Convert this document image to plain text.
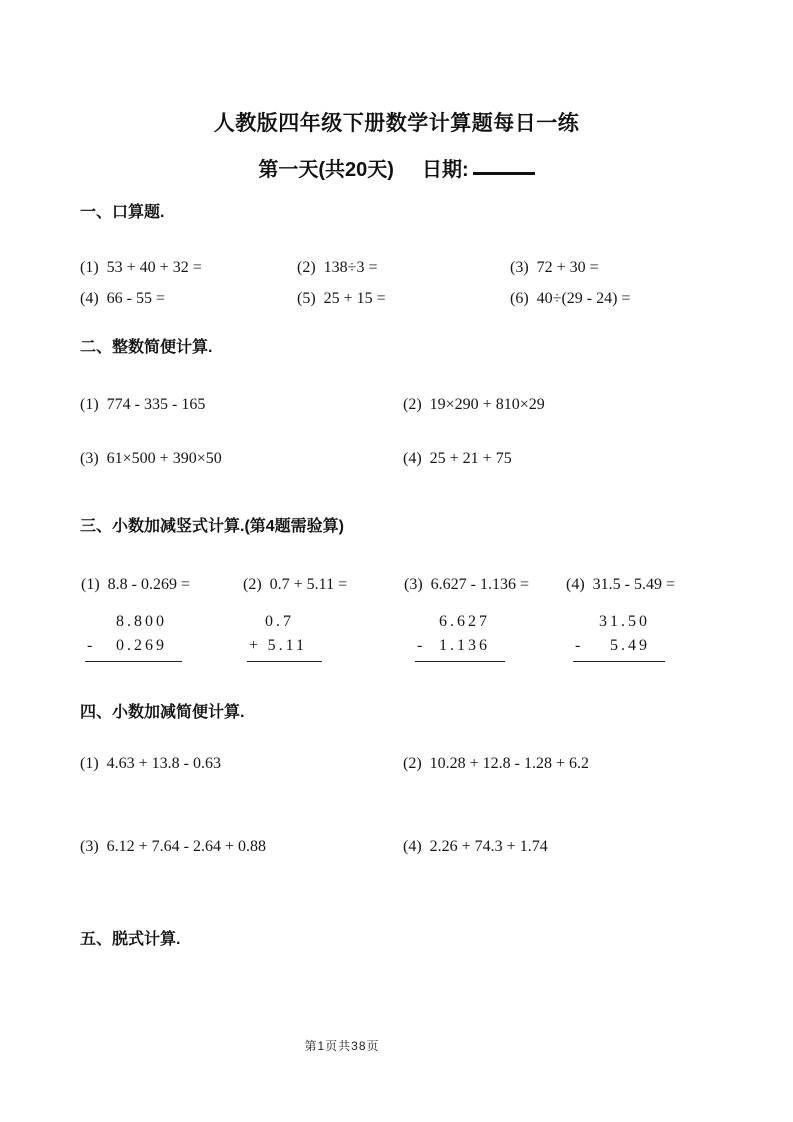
人教版四年级下册数学计算题每日一练
第一天(共20天) 日期:
一、口算题.
(1) 53 + 40 + 32 =	(2) 138÷3 =	(3) 72 + 30 =
(4) 66 - 55 =	(5) 25 + 15 =	(6) 40÷(29 - 24) =
二、整数简便计算.
(1) 774 - 335 - 165	(2) 19×290 + 810×29
(3) 61×500 + 390×50	(4) 25 + 21 + 75
三、小数加减竖式计算.(第4题需验算)
(1) 8.8 - 0.269 =	(2) 0.7 + 5.11 =	(3) 6.627 - 1.136 = (4) 31.5 - 5.49 =
8.800
- 0.269
0.7
+ 5.11
6.627
- 1.136
31.50
- 5.49
四、小数加减简便计算.
(1) 4.63 + 13.8 - 0.63	(2) 10.28 + 12.8 - 1.28 + 6.2
(3) 6.12 + 7.64 - 2.64 + 0.88	(4) 2.26 + 74.3 + 1.74
五、脱式计算.
第1页共38页
